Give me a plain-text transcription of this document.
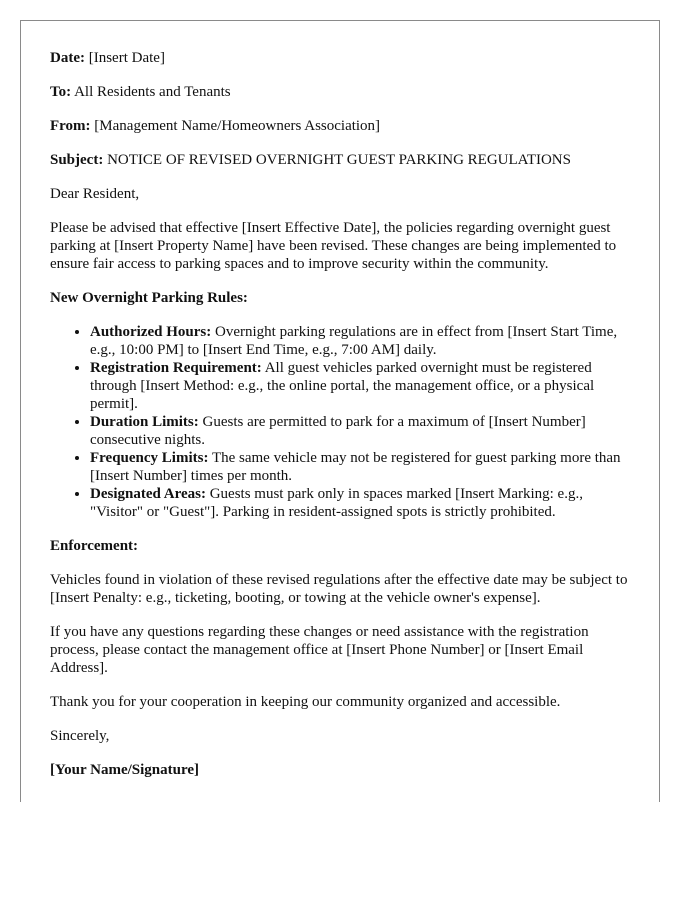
Date: [Insert Date]
To: All Residents and Tenants
From: [Management Name/Homeowners Association]
Subject: NOTICE OF REVISED OVERNIGHT GUEST PARKING REGULATIONS
Dear Resident,
Please be advised that effective [Insert Effective Date], the policies regarding overnight guest parking at [Insert Property Name] have been revised. These changes are being implemented to ensure fair access to parking spaces and to improve security within the community.
New Overnight Parking Rules:
• Authorized Hours: Overnight parking regulations are in effect from [Insert Start Time, e.g., 10:00 PM] to [Insert End Time, e.g., 7:00 AM] daily.
• Registration Requirement: All guest vehicles parked overnight must be registered through [Insert Method: e.g., the online portal, the management office, or a physical permit].
• Duration Limits: Guests are permitted to park for a maximum of [Insert Number] consecutive nights.
• Frequency Limits: The same vehicle may not be registered for guest parking more than [Insert Number] times per month.
• Designated Areas: Guests must park only in spaces marked [Insert Marking: e.g., "Visitor" or "Guest"]. Parking in resident-assigned spots is strictly prohibited.
Enforcement:
Vehicles found in violation of these revised regulations after the effective date may be subject to [Insert Penalty: e.g., ticketing, booting, or towing at the vehicle owner's expense].
If you have any questions regarding these changes or need assistance with the registration process, please contact the management office at [Insert Phone Number] or [Insert Email Address].
Thank you for your cooperation in keeping our community organized and accessible.
Sincerely,
[Your Name/Signature]
